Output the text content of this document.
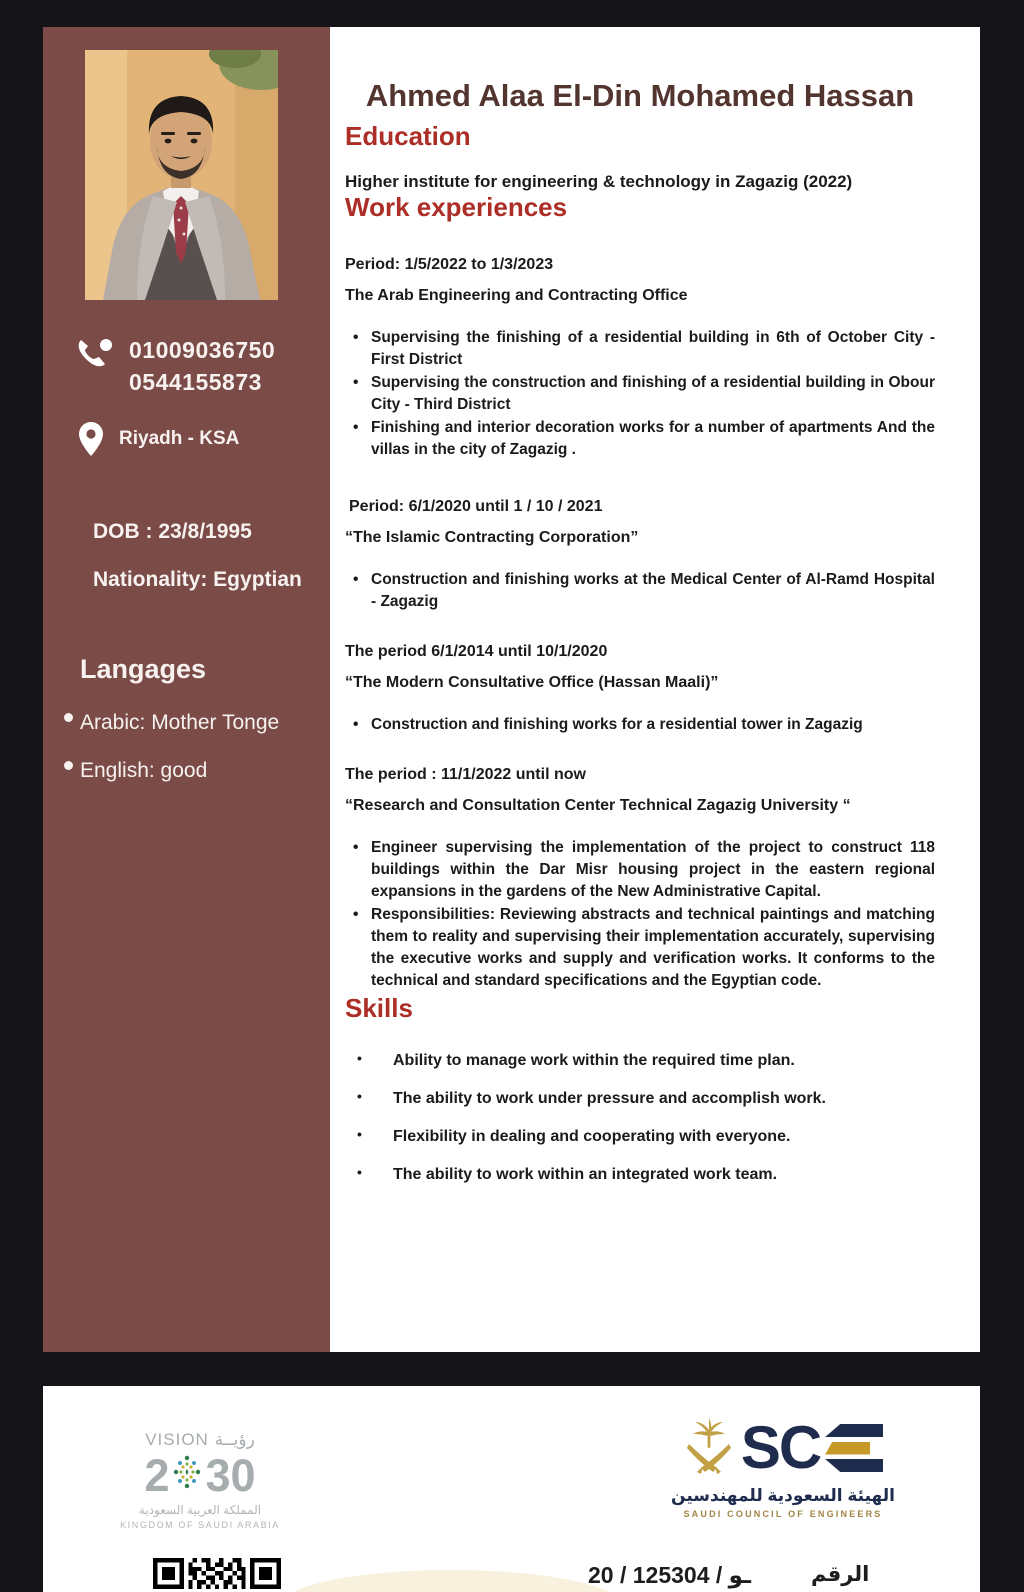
01009036750
0544155873
Riyadh - KSA
DOB : 23/8/1995
Nationality: Egyptian
Langages
Arabic: Mother Tonge
English: good
Ahmed Alaa El-Din Mohamed Hassan
Education
Higher institute for engineering & technology in Zagazig (2022)
Work experiences

Period: 1/5/2022 to 1/3/2023

The Arab Engineering and Contracting Office

• Supervising the finishing of a residential building in 6th of October City - First District
• Supervising the construction and finishing of a residential building in Obour City - Third District
• Finishing and interior decoration works for a number of apartments And the villas in the city of Zagazig .

Period: 6/1/2020 until 1 / 10 / 2021

“The Islamic Contracting Corporation”

• Construction and finishing works at the Medical Center of Al-Ramd Hospital - Zagazig

The period 6/1/2014 until 10/1/2020

“The Modern Consultative Office (Hassan Maali)”

• Construction and finishing works for a residential tower in Zagazig

The period : 11/1/2022 until now

“Research and Consultation Center Technical Zagazig University “

• Engineer supervising the implementation of the project to construct 118 buildings within the Dar Misr housing project in the eastern regional expansions in the gardens of the New Administrative Capital.
• Responsibilities: Reviewing abstracts and technical paintings and matching them to reality and supervising their implementation accurately, supervising the executive works and supply and verification works. It conforms to the technical and standard specifications and the Egyptian code.
Skills
• Ability to manage work within the required time plan.
• The ability to work under pressure and accomplish work.
• Flexibility in dealing and cooperating with everyone.
• The ability to work within an integrated work team.
VISION رؤيــة
2 30
المملكة العربية السعودية
KINGDOM OF SAUDI ARABIA
SC
الهيئة السعودية للمهندسين
SAUDI COUNCIL OF ENGINEERS
20 / ـو / 125304	الرقم
